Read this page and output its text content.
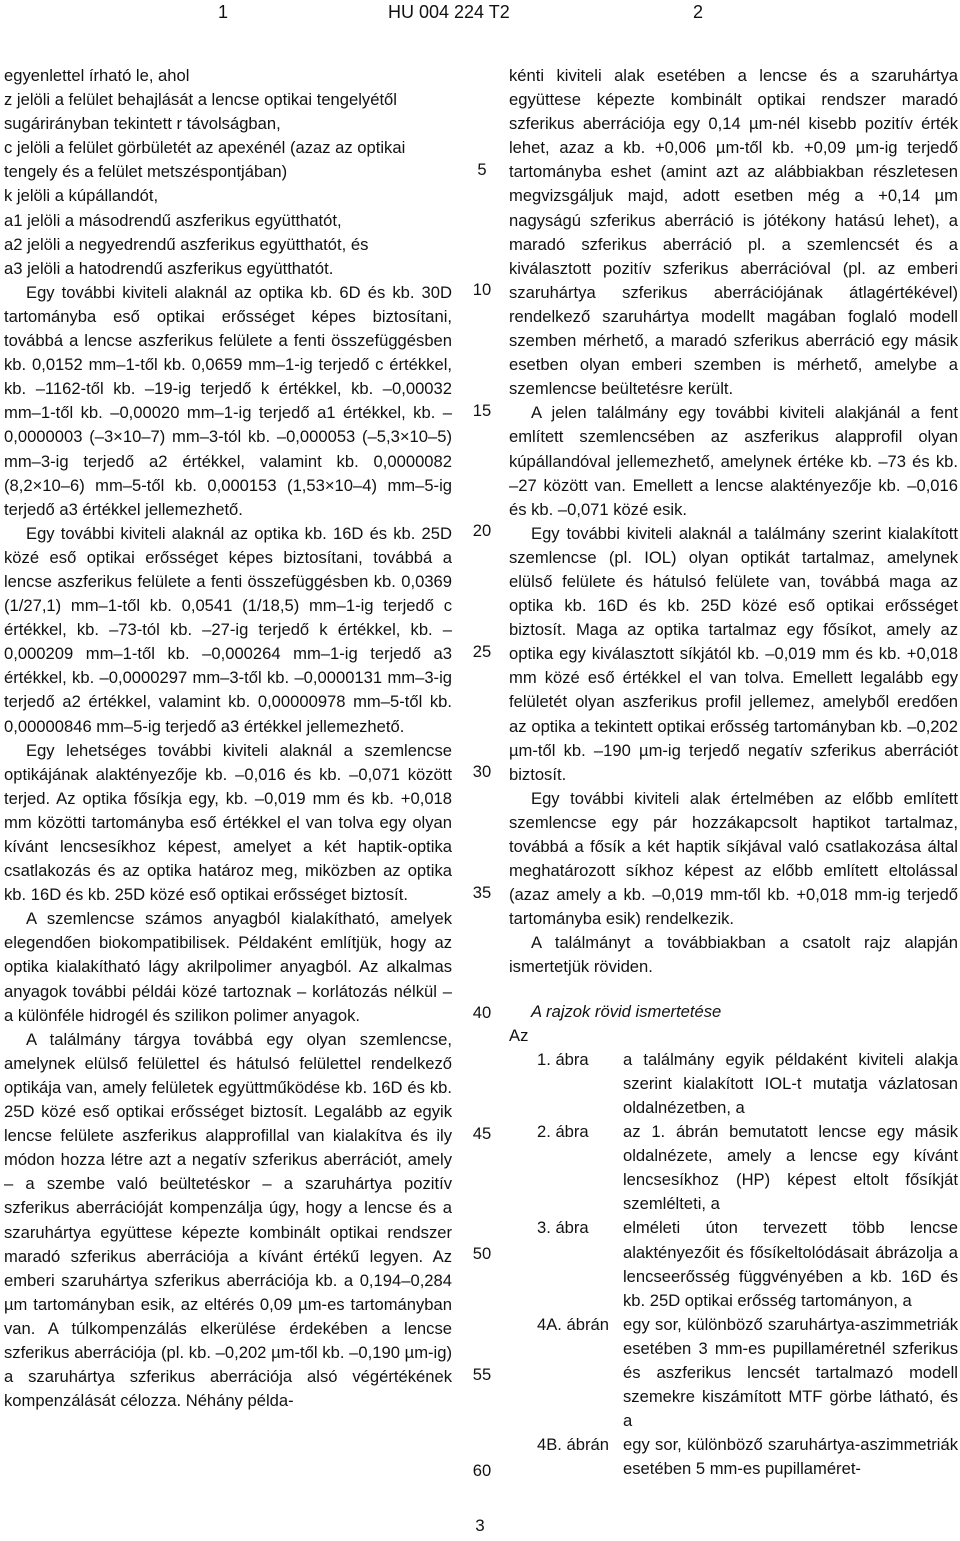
1	HU 004 224 T2	2

egyenlettel írható le, ahol

z jelöli a felület behajlását a lencse optikai tengelyétől sugárirányban tekintett r távolságban,

c jelöli a felület görbületét az apexénél (azaz az optikai tengely és a felület metszéspontjában)

k jelöli a kúpállandót,

a1 jelöli a másodrendű aszferikus együtthatót,

a2 jelöli a negyedrendű aszferikus együtthatót, és

a3 jelöli a hatodrendű aszferikus együtthatót.

Egy további kiviteli alaknál az optika kb. 6D és kb. 30D tartományba eső optikai erősséget képes biztosítani, továbbá a lencse aszferikus felülete a fenti összefüggésben kb. 0,0152 mm–1-től kb. 0,0659 mm–1-ig terjedő c értékkel, kb. –1162-től kb. –19-ig terjedő k értékkel, kb. –0,00032 mm–1-től kb. –0,00020 mm–1-ig terjedő a1 értékkel, kb. –0,0000003 (–3×10–7) mm–3-tól kb. –0,000053 (–5,3×10–5) mm–3-ig terjedő a2 értékkel, valamint kb. 0,0000082 (8,2×10–6) mm–5-től kb. 0,000153 (1,53×10–4) mm–5-ig terjedő a3 értékkel jellemezhető.

Egy további kiviteli alaknál az optika kb. 16D és kb. 25D közé eső optikai erősséget képes biztosítani, továbbá a lencse aszferikus felülete a fenti összefüggésben kb. 0,0369 (1/27,1) mm–1-től kb. 0,0541 (1/18,5) mm–1-ig terjedő c értékkel, kb. –73-tól kb. –27-ig terjedő k értékkel, kb. –0,000209 mm–1-től kb. –0,000264 mm–1-ig terjedő a3 értékkel, kb. –0,0000297 mm–3-től kb. –0,0000131 mm–3-ig terjedő a2 értékkel, valamint kb. 0,00000978 mm–5-től kb. 0,00000846 mm–5-ig terjedő a3 értékkel jellemezhető.

Egy lehetséges további kiviteli alaknál a szemlencse optikájának alaktényezője kb. –0,016 és kb. –0,071 között terjed. Az optika fősíkja egy, kb. –0,019 mm és kb. +0,018 mm közötti tartományba eső értékkel el van tolva egy olyan kívánt lencsesíkhoz képest, amelyet a két haptik-optika csatlakozás és az optika határoz meg, miközben az optika kb. 16D és kb. 25D közé eső optikai erősséget biztosít.

A szemlencse számos anyagból kialakítható, amelyek elegendően biokompatibilisek. Példaként említjük, hogy az optika kialakítható lágy akrilpolimer anyagból. Az alkalmas anyagok további példái közé tartoznak – korlátozás nélkül – a különféle hidrogél és szilikon polimer anyagok.

A találmány tárgya továbbá egy olyan szemlencse, amelynek elülső felülettel és hátulsó felülettel rendelkező optikája van, amely felületek együttműködése kb. 16D és kb. 25D közé eső optikai erősséget biztosít. Legalább az egyik lencse felülete aszferikus alapprofillal van kialakítva és ily módon hozza létre azt a negatív szferikus aberrációt, amely – a szembe való beültetéskor – a szaruhártya pozitív szferikus aberrációját kompenzálja úgy, hogy a lencse és a szaruhártya együttese képezte kombinált optikai rendszer maradó szferikus aberrációja a kívánt értékű legyen. Az emberi szaruhártya szferikus aberrációja kb. a 0,194–0,284 µm tartományban esik, az eltérés 0,09 µm-es tartományban van. A túlkompenzálás elkerülése érdekében a lencse szferikus aberrációja (pl. kb. –0,202 µm-től kb. –0,190 µm-ig) a szaruhártya szferikus aberrációja alsó végértékének kompenzálását célozza. Néhány példa-

5
10
15
20
25
30
35
40
45
50
55
60

kénti kiviteli alak esetében a lencse és a szaruhártya együttese képezte kombinált optikai rendszer maradó szferikus aberrációja egy 0,14 µm-nél kisebb pozitív érték lehet, azaz a kb. +0,006 µm-től kb. +0,09 µm-ig terjedő tartományba eshet (amint azt az alábbiakban részletesen megvizsgáljuk majd, adott esetben még a +0,14 µm nagyságú szferikus aberráció is jótékony hatású lehet), a maradó szferikus aberráció pl. a szemlencsét és a kiválasztott pozitív szferikus aberrációval (pl. az emberi szaruhártya szferikus aberrációjának átlagértékével) rendelkező szaruhártya modellt magában foglaló modell szemben mérhető, a maradó szferikus aberráció egy másik esetben olyan emberi szemben is mérhető, amelybe a szemlencse beültetésre került.

A jelen találmány egy további kiviteli alakjánál a fent említett szemlencsében az aszferikus alapprofil olyan kúpállandóval jellemezhető, amelynek értéke kb. –73 és kb. –27 között van. Emellett a lencse alaktényezője kb. –0,016 és kb. –0,071 közé esik.

Egy további kiviteli alaknál a találmány szerint kialakított szemlencse (pl. IOL) olyan optikát tartalmaz, amelynek elülső felülete és hátulsó felülete van, továbbá maga az optika kb. 16D és kb. 25D közé eső optikai erősséget biztosít. Maga az optika tartalmaz egy fősíkot, amely az optika egy kiválasztott síkjától kb. –0,019 mm és kb. +0,018 mm közé eső értékkel el van tolva. Emellett legalább egy felületét olyan aszferikus profil jellemez, amelyből eredően az optika a tekintett optikai erősség tartományban kb. –0,202 µm-től kb. –190 µm-ig terjedő negatív szferikus aberrációt biztosít.

Egy további kiviteli alak értelmében az előbb említett szemlencse egy pár hozzákapcsolt haptikot tartalmaz, továbbá a fősík a két haptik síkjával való csatlakozása által meghatározott síkhoz képest az előbb említett eltolással (azaz amely a kb. –0,019 mm-től kb. +0,018 mm-ig terjedő tartományba esik) rendelkezik.

A találmányt a továbbiakban a csatolt rajz alapján ismertetjük röviden.

A rajzok rövid ismertetése

Az

1. ábra	a találmány egyik példaként kiviteli alakja szerint kialakított IOL-t mutatja vázlatosan oldalnézetben, a
2. ábra	az 1. ábrán bemutatott lencse egy másik oldalnézete, amely a lencse egy kívánt lencsesíkhoz (HP) képest eltolt fősíkját szemlélteti, a
3. ábra	elméleti úton tervezett több lencse alaktényezőit és fősíkeltolódásait ábrázolja a lencseerősség függvényében a kb. 16D és kb. 25D optikai erősség tartományon, a
4A. ábrán egy sor, különböző szaruhártya-aszimmetriák esetében 3 mm-es pupillaméretnél szferikus és aszferikus lencsét tartalmazó modell szemekre kiszámított MTF görbe látható, és a
4B. ábrán egy sor, különböző szaruhártya-aszimmetriák esetében 5 mm-es pupillaméret-
3
